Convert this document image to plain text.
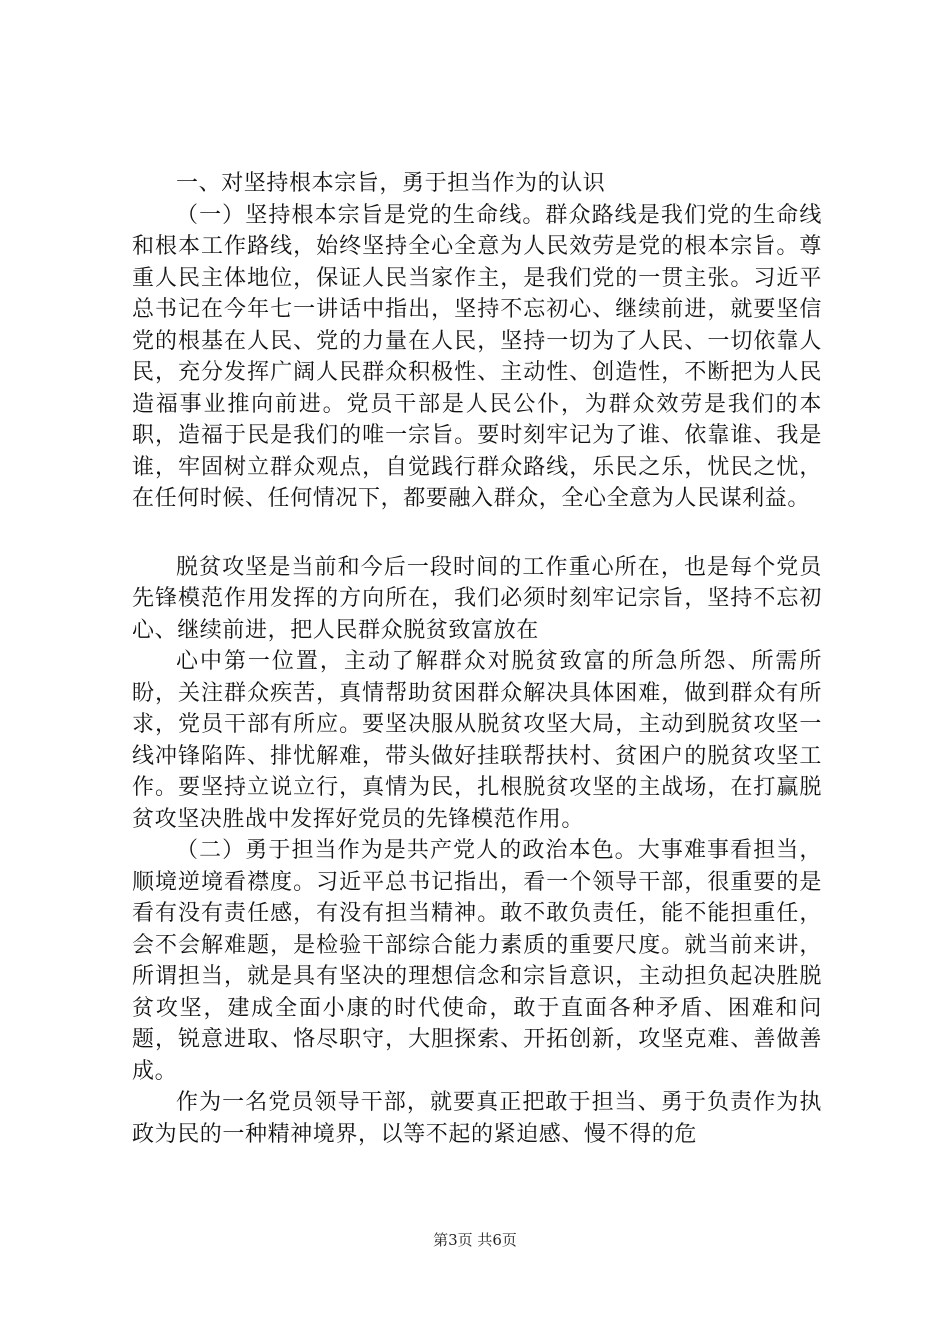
一、对坚持根本宗旨，勇于担当作为的认识

（一）坚持根本宗旨是党的生命线。群众路线是我们党的生命线和根本工作路线，始终坚持全心全意为人民效劳是党的根本宗旨。尊重人民主体地位，保证人民当家作主，是我们党的一贯主张。习近平总书记在今年七一讲话中指出，坚持不忘初心、继续前进，就要坚信党的根基在人民、党的力量在人民，坚持一切为了人民、一切依靠人民，充分发挥广阔人民群众积极性、主动性、创造性，不断把为人民造福事业推向前进。党员干部是人民公仆，为群众效劳是我们的本职，造福于民是我们的唯一宗旨。要时刻牢记为了谁、依靠谁、我是谁，牢固树立群众观点，自觉践行群众路线，乐民之乐，忧民之忧，在任何时候、任何情况下，都要融入群众，全心全意为人民谋利益。

脱贫攻坚是当前和今后一段时间的工作重心所在，也是每个党员先锋模范作用发挥的方向所在，我们必须时刻牢记宗旨，坚持不忘初心、继续前进，把人民群众脱贫致富放在

心中第一位置，主动了解群众对脱贫致富的所急所怨、所需所盼，关注群众疾苦，真情帮助贫困群众解决具体困难，做到群众有所求，党员干部有所应。要坚决服从脱贫攻坚大局，主动到脱贫攻坚一线冲锋陷阵、排忧解难，带头做好挂联帮扶村、贫困户的脱贫攻坚工作。要坚持立说立行，真情为民，扎根脱贫攻坚的主战场，在打赢脱贫攻坚决胜战中发挥好党员的先锋模范作用。

（二）勇于担当作为是共产党人的政治本色。大事难事看担当，顺境逆境看襟度。习近平总书记指出，看一个领导干部，很重要的是看有没有责任感，有没有担当精神。敢不敢负责任，能不能担重任，会不会解难题，是检验干部综合能力素质的重要尺度。就当前来讲，所谓担当，就是具有坚决的理想信念和宗旨意识，主动担负起决胜脱贫攻坚，建成全面小康的时代使命，敢于直面各种矛盾、困难和问题，锐意进取、恪尽职守，大胆探索、开拓创新，攻坚克难、善做善成。

作为一名党员领导干部，就要真正把敢于担当、勇于负责作为执政为民的一种精神境界，以等不起的紧迫感、慢不得的危

第3页 共6页
